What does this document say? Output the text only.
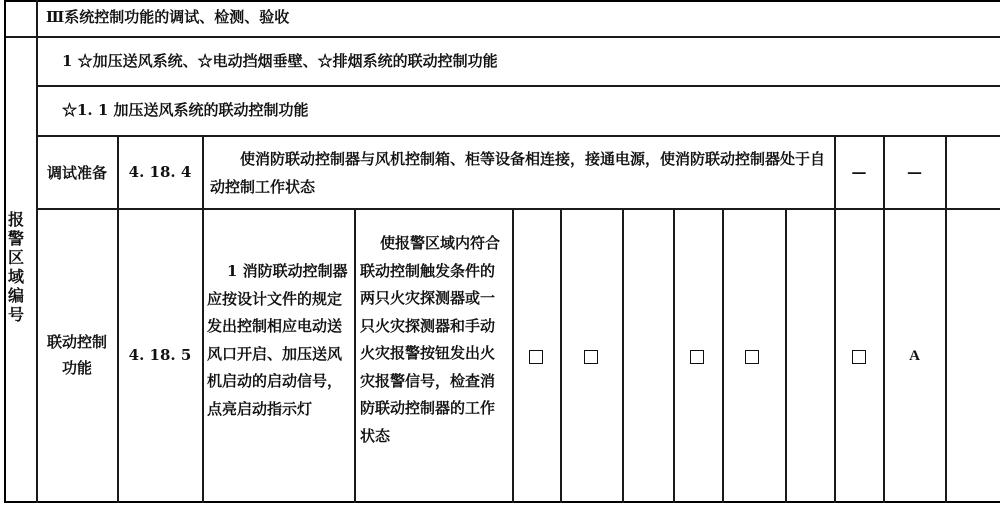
报警区域编号
Ⅲ系统控制功能的调试、检测、验收
1 ☆加压送风系统、☆电动挡烟垂壁、☆排烟系统的联动控制功能
☆1. 1 加压送风系统的联动控制功能
调试准备	4. 18. 4
使消防联动控制器与风机控制箱、柜等设备相连接，接通电源，使消防联动控制器处于自动控制工作状态
—	—
联动控制功能
4. 18. 5
1 消防联动控制器应按设计文件的规定发出控制相应电动送风口开启、加压送风机启动的启动信号，点亮启动指示灯
使报警区域内符合联动控制触发条件的两只火灾探测器或一只火灾探测器和手动火灾报警按钮发出火灾报警信号，检查消防联动控制器的工作状态
A
